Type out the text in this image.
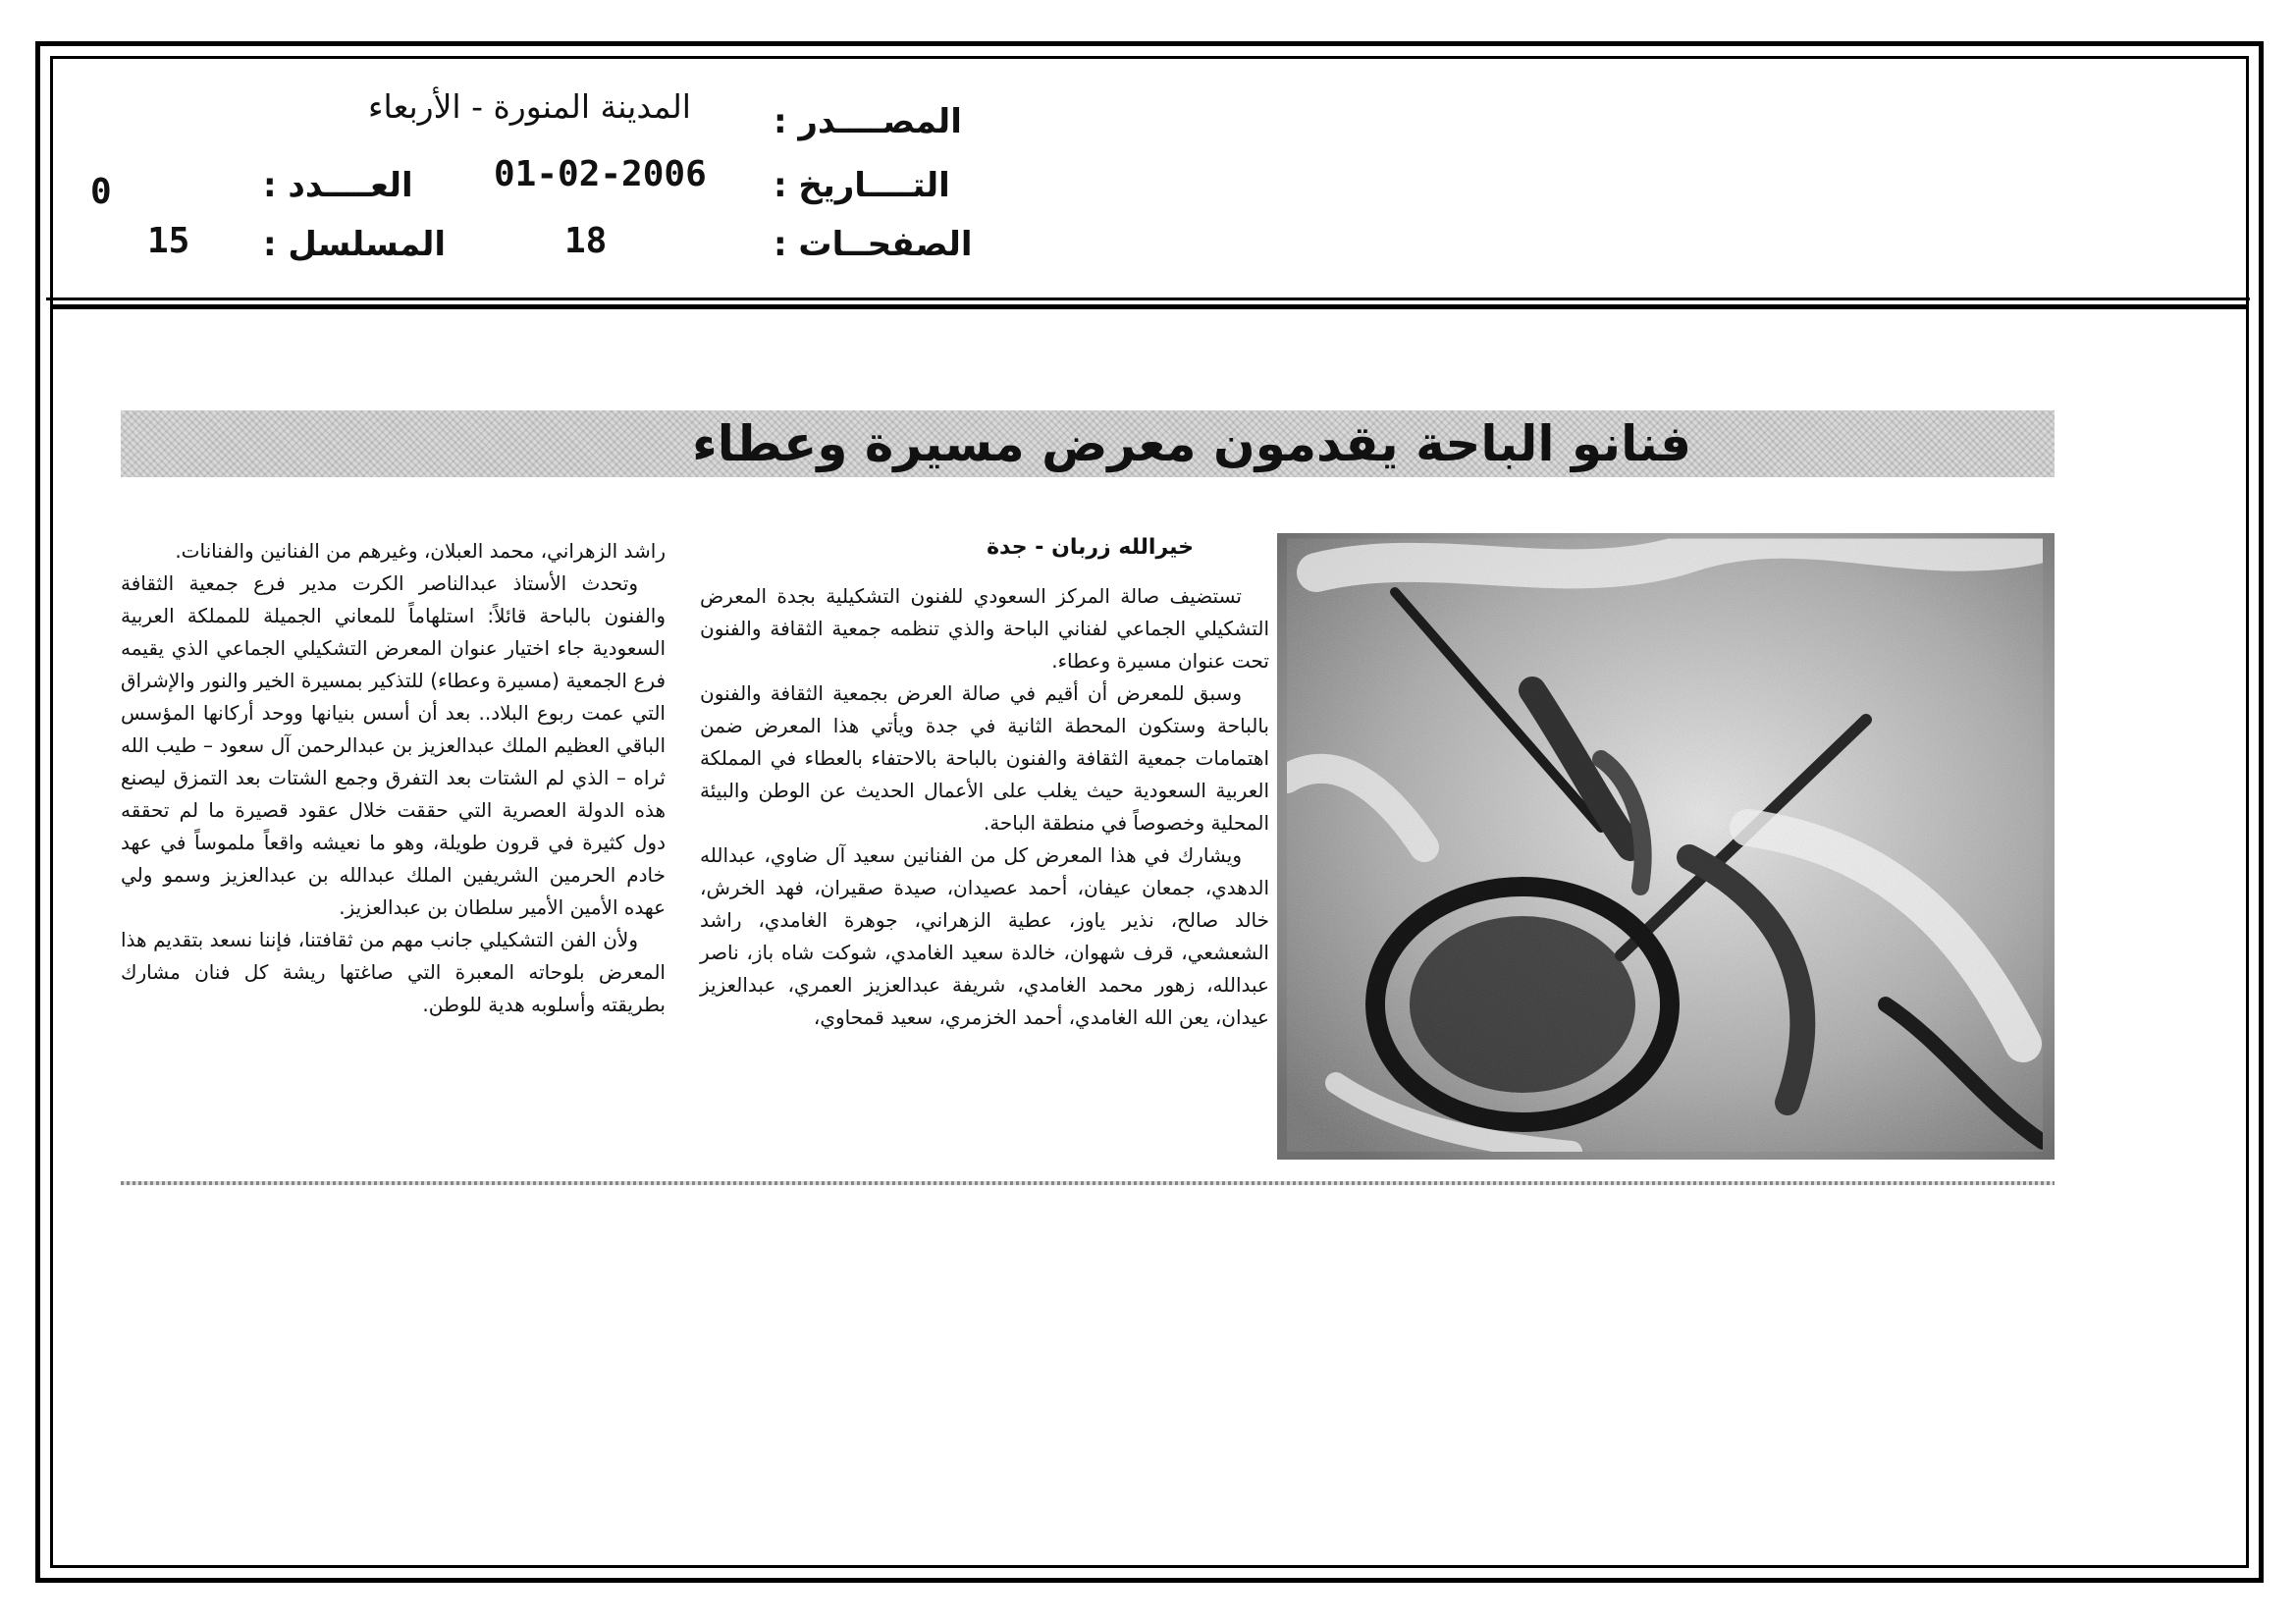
المصــــدر :
المدينة المنورة - الأربعاء
التــــاريخ :
01-02-2006
العــــدد :
0
الصفحــات :
18
المسلسل :
15
فنانو الباحة يقدمون معرض مسيرة وعطاء
خيرالله زربان - جدة

تستضيف صالة المركز السعودي للفنون التشكيلية بجدة المعرض التشكيلي الجماعي لفناني الباحة والذي تنظمه جمعية الثقافة والفنون تحت عنوان مسيرة وعطاء.

وسبق للمعرض أن أقيم في صالة العرض بجمعية الثقافة والفنون بالباحة وستكون المحطة الثانية في جدة ويأتي هذا المعرض ضمن اهتمامات جمعية الثقافة والفنون بالباحة بالاحتفاء بالعطاء في المملكة العربية السعودية حيث يغلب على الأعمال الحديث عن الوطن والبيئة المحلية وخصوصاً في منطقة الباحة.

ويشارك في هذا المعرض كل من الفنانين سعيد آل ضاوي، عبدالله الدهدي، جمعان عيفان، أحمد عصيدان، صيدة صقيران، فهد الخرش، خالد صالح، نذير ياوز، عطية الزهراني، جوهرة الغامدي، راشد الشعشعي، قرف شهوان، خالدة سعيد الغامدي، شوكت شاه باز، ناصر عبدالله، زهور محمد الغامدي، شريفة عبدالعزيز العمري، عبدالعزيز عيدان، يعن الله الغامدي، أحمد الخزمري، سعيد قمحاوي،

راشد الزهراني، محمد العبلان، وغيرهم من الفنانين والفنانات.

وتحدث الأستاذ عبدالناصر الكرت مدير فرع جمعية الثقافة والفنون بالباحة قائلاً: استلهاماً للمعاني الجميلة للمملكة العربية السعودية جاء اختيار عنوان المعرض التشكيلي الجماعي الذي يقيمه فرع الجمعية (مسيرة وعطاء) للتذكير بمسيرة الخير والنور والإشراق التي عمت ربوع البلاد.. بعد أن أسس بنيانها ووحد أركانها المؤسس الباقي العظيم الملك عبدالعزيز بن عبدالرحمن آل سعود – طيب الله ثراه – الذي لم الشتات بعد التفرق وجمع الشتات بعد التمزق ليصنع هذه الدولة العصرية التي حققت خلال عقود قصيرة ما لم تحققه دول كثيرة في قرون طويلة، وهو ما نعيشه واقعاً ملموساً في عهد خادم الحرمين الشريفين الملك عبدالله بن عبدالعزيز وسمو ولي عهده الأمين الأمير سلطان بن عبدالعزيز.

ولأن الفن التشكيلي جانب مهم من ثقافتنا، فإننا نسعد بتقديم هذا المعرض بلوحاته المعبرة التي صاغتها ريشة كل فنان مشارك بطريقته وأسلوبه هدية للوطن.
